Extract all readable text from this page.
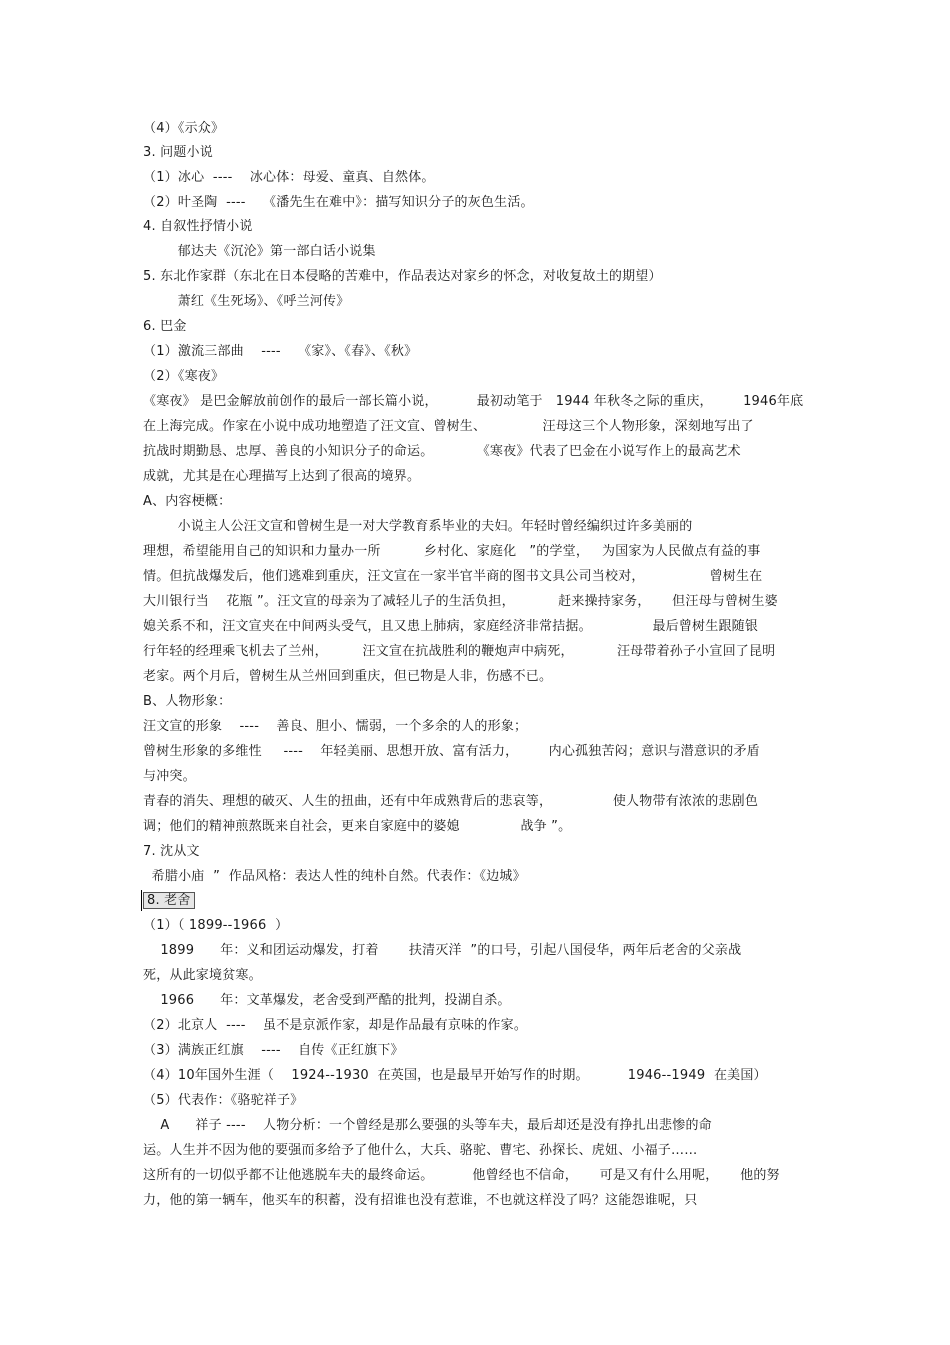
（4）《示众》
3. 问题小说
（1）冰心  ----    冰心体：母爱、童真、自然体。
（2）叶圣陶  ----    《潘先生在难中》：描写知识分子的灰色生活。
4. 自叙性抒情小说
郁达夫《沉沦》第一部白话小说集
5. 东北作家群（东北在日本侵略的苦难中，作品表达对家乡的怀念，对收复故土的期望）
萧红《生死场》、《呼兰河传》
6. 巴金
（1）激流三部曲    ----    《家》、《春》、《秋》
（2）《寒夜》
《寒夜》 是巴金解放前创作的最后一部长篇小说，         最初动笔于   1944 年秋冬之际的重庆，       1946年底
在上海完成。作家在小说中成功地塑造了汪文宣、曾树生、             汪母这三个人物形象，深刻地写出了
抗战时期勤恳、忠厚、善良的小知识分子的命运。          《寒夜》代表了巴金在小说写作上的最高艺术
成就，尤其是在心理描写上达到了很高的境界。
A、内容梗概：
小说主人公汪文宣和曾树生是一对大学教育系毕业的夫妇。年轻时曾经编织过许多美丽的
理想，希望能用自己的知识和力量办一所          乡村化、家庭化   ”的学堂，   为国家为人民做点有益的事
情。但抗战爆发后，他们逃难到重庆，汪文宣在一家半官半商的图书文具公司当校对，               曾树生在
大川银行当    花瓶 ”。汪文宣的母亲为了减轻儿子的生活负担，          赶来操持家务，     但汪母与曾树生婆
媳关系不和，汪文宣夹在中间两头受气，且又患上肺病，家庭经济非常拮据。              最后曾树生跟随银
行年轻的经理乘飞机去了兰州，        汪文宣在抗战胜利的鞭炮声中病死，          汪母带着孙子小宣回了昆明
老家。两个月后，曾树生从兰州回到重庆，但已物是人非，伤感不已。
B、人物形象：
汪文宣的形象    ----    善良、胆小、懦弱，一个多余的人的形象；
曾树生形象的多维性     ----    年轻美丽、思想开放、富有活力，       内心孤独苦闷；意识与潜意识的矛盾
与冲突。
青春的消失、理想的破灭、人生的扭曲，还有中年成熟背后的悲哀等，              使人物带有浓浓的悲剧色
调；他们的精神煎熬既来自社会，更来自家庭中的婆媳              战争 ”。
7. 沈从文
希腊小庙  ”  作品风格：表达人性的纯朴自然。代表作：《边城》
8. 老舍
（1）（ 1899--1966  ）
1899      年：义和团运动爆发，打着       扶清灭洋  ”的口号，引起八国侵华，两年后老舍的父亲战
死，从此家境贫寒。
1966      年：文革爆发，老舍受到严酷的批判，投湖自杀。
（2）北京人  ----    虽不是京派作家，却是作品最有京味的作家。
（3）满族正红旗    ----    自传《正红旗下》
（4）10年国外生涯（    1924--1930  在英国，也是最早开始写作的时期。         1946--1949  在美国）
（5）代表作：《骆驼祥子》
A      祥子 ----    人物分析：一个曾经是那么要强的头等车夫，最后却还是没有挣扎出悲惨的命
运。人生并不因为他的要强而多给予了他什么，大兵、骆驼、曹宅、孙探长、虎妞、小福子……
这所有的一切似乎都不让他逃脱车夫的最终命运。         他曾经也不信命，     可是又有什么用呢，     他的努
力，他的第一辆车，他买车的积蓄，没有招谁也没有惹谁，不也就这样没了吗？这能怨谁呢，只
